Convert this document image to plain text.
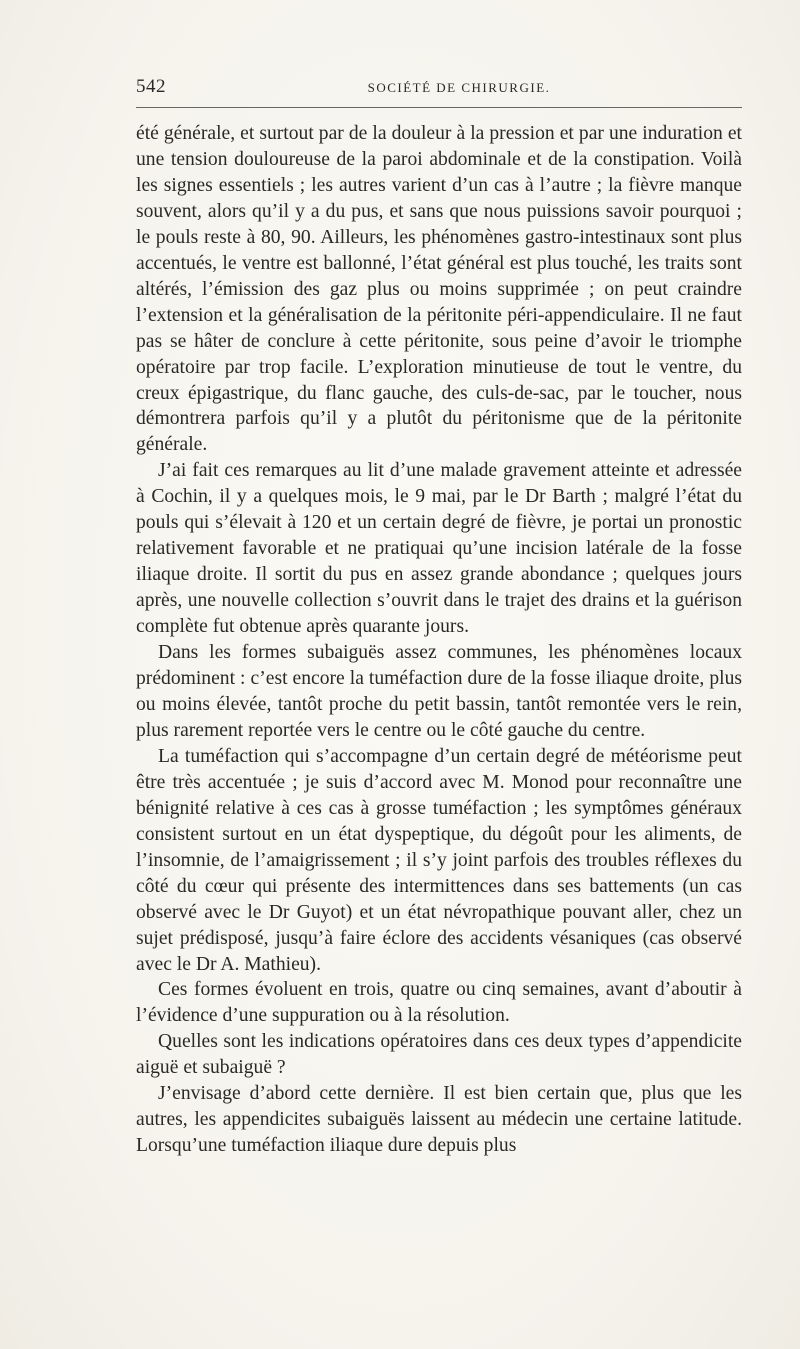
542	SOCIÉTÉ DE CHIRURGIE.

été générale, et surtout par de la douleur à la pression et par une induration et une tension douloureuse de la paroi abdominale et de la constipation. Voilà les signes essentiels ; les autres varient d’un cas à l’autre ; la fièvre manque souvent, alors qu’il y a du pus, et sans que nous puissions savoir pourquoi ; le pouls reste à 80, 90. Ailleurs, les phénomènes gastro-intestinaux sont plus accentués, le ventre est ballonné, l’état général est plus touché, les traits sont altérés, l’émission des gaz plus ou moins supprimée ; on peut craindre l’extension et la généralisation de la péritonite péri-appendiculaire. Il ne faut pas se hâter de conclure à cette péritonite, sous peine d’avoir le triomphe opératoire par trop facile. L’exploration minutieuse de tout le ventre, du creux épigastrique, du flanc gauche, des culs-de-sac, par le toucher, nous démontrera parfois qu’il y a plutôt du péritonisme que de la péritonite générale.

J’ai fait ces remarques au lit d’une malade gravement atteinte et adressée à Cochin, il y a quelques mois, le 9 mai, par le Dr Barth ; malgré l’état du pouls qui s’élevait à 120 et un certain degré de fièvre, je portai un pronostic relativement favorable et ne pratiquai qu’une incision latérale de la fosse iliaque droite. Il sortit du pus en assez grande abondance ; quelques jours après, une nouvelle collection s’ouvrit dans le trajet des drains et la guérison complète fut obtenue après quarante jours.

Dans les formes subaiguës assez communes, les phénomènes locaux prédominent : c’est encore la tuméfaction dure de la fosse iliaque droite, plus ou moins élevée, tantôt proche du petit bassin, tantôt remontée vers le rein, plus rarement reportée vers le centre ou le côté gauche du centre.

La tuméfaction qui s’accompagne d’un certain degré de météorisme peut être très accentuée ; je suis d’accord avec M. Monod pour reconnaître une bénignité relative à ces cas à grosse tuméfaction ; les symptômes généraux consistent surtout en un état dyspeptique, du dégoût pour les aliments, de l’insomnie, de l’amaigrissement ; il s’y joint parfois des troubles réflexes du côté du cœur qui présente des intermittences dans ses battements (un cas observé avec le Dr Guyot) et un état névropathique pouvant aller, chez un sujet prédisposé, jusqu’à faire éclore des accidents vésaniques (cas observé avec le Dr A. Mathieu).

Ces formes évoluent en trois, quatre ou cinq semaines, avant d’aboutir à l’évidence d’une suppuration ou à la résolution.

Quelles sont les indications opératoires dans ces deux types d’appendicite aiguë et subaiguë ?

J’envisage d’abord cette dernière. Il est bien certain que, plus que les autres, les appendicites subaiguës laissent au médecin une certaine latitude. Lorsqu’une tuméfaction iliaque dure depuis plus
